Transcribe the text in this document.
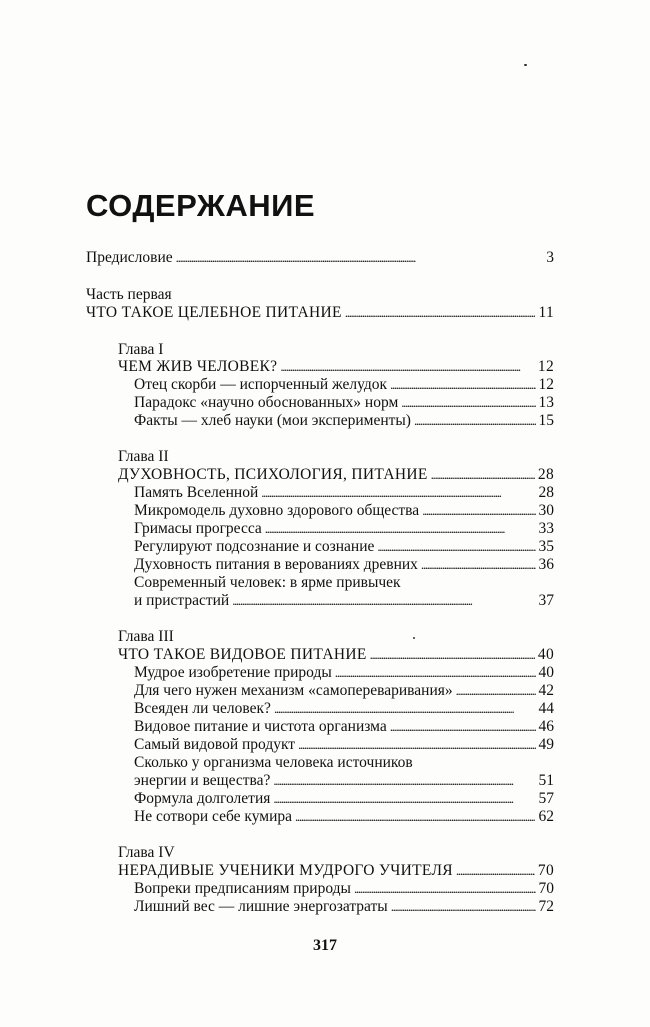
СОДЕРЖАНИЕ
Предисловие . . .	3
Часть первая
ЧТО ТАКОЕ ЦЕЛЕБНОЕ ПИТАНИЕ . . .	11
Глава I
ЧЕМ ЖИВ ЧЕЛОВЕК? . . .	12
Отец скорби — испорченный желудок . . .	12
Парадокс «научно обоснованных» норм . . .	13
Факты — хлеб науки (мои эксперименты) . . .	15
Глава II
ДУХОВНОСТЬ, ПСИХОЛОГИЯ, ПИТАНИЕ . . .	28
Память Вселенной . . .	28
Микромодель духовно здорового общества . . .	30
Гримасы прогресса . . .	33
Регулируют подсознание и сознание . . .	35
Духовность питания в верованиях древних . . .	36
Современный человек: в ярме привычек
и пристрастий . . .	37
Глава III
ЧТО ТАКОЕ ВИДОВОЕ ПИТАНИЕ . . .	40
Мудрое изобретение природы . . .	40
Для чего нужен механизм «самопереваривания» . . .	42
Всеяден ли человек? . . .	44
Видовое питание и чистота организма . . .	46
Самый видовой продукт . . .	49
Сколько у организма человека источников
энергии и вещества? . . .	51
Формула долголетия . . .	57
Не сотвори себе кумира . . .	62
Глава IV
НЕРАДИВЫЕ УЧЕНИКИ МУДРОГО УЧИТЕЛЯ . . .	70
Вопреки предписаниям природы . . .	70
Лишний вес — лишние энергозатраты . . .	72
317
